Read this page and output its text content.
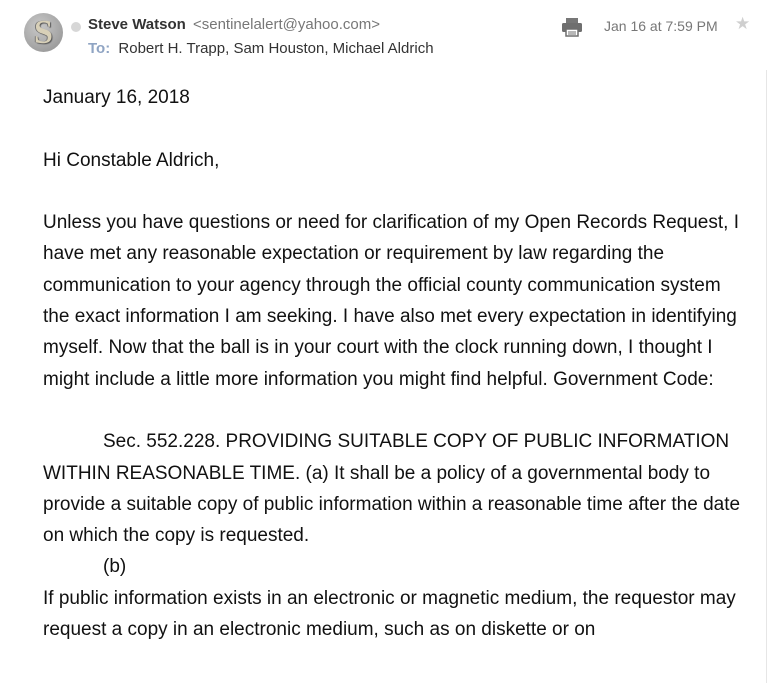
S	Steve Watson <sentinelalert@yahoo.com>
To: Robert H. Trapp, Sam Houston, Michael Aldrich
Jan 16 at 7:59 PM ★

January 16, 2018

Hi Constable Aldrich,

Unless you have questions or need for clarification of my Open Records Request, I have met any reasonable expectation or requirement by law regarding the communication to your agency through the official county communication system the exact information I am seeking. I have also met every expectation in identifying myself. Now that the ball is in your court with the clock running down, I thought I might include a little more information you might find helpful. Government Code:

Sec. 552.228. PROVIDING SUITABLE COPY OF PUBLIC INFORMATION WITHIN REASONABLE TIME. (a) It shall be a policy of a governmental body to provide a suitable copy of public information within a reasonable time after the date on which the copy is requested.

(b)

If public information exists in an electronic or magnetic medium, the requestor may request a copy in an electronic medium, such as on diskette or on
